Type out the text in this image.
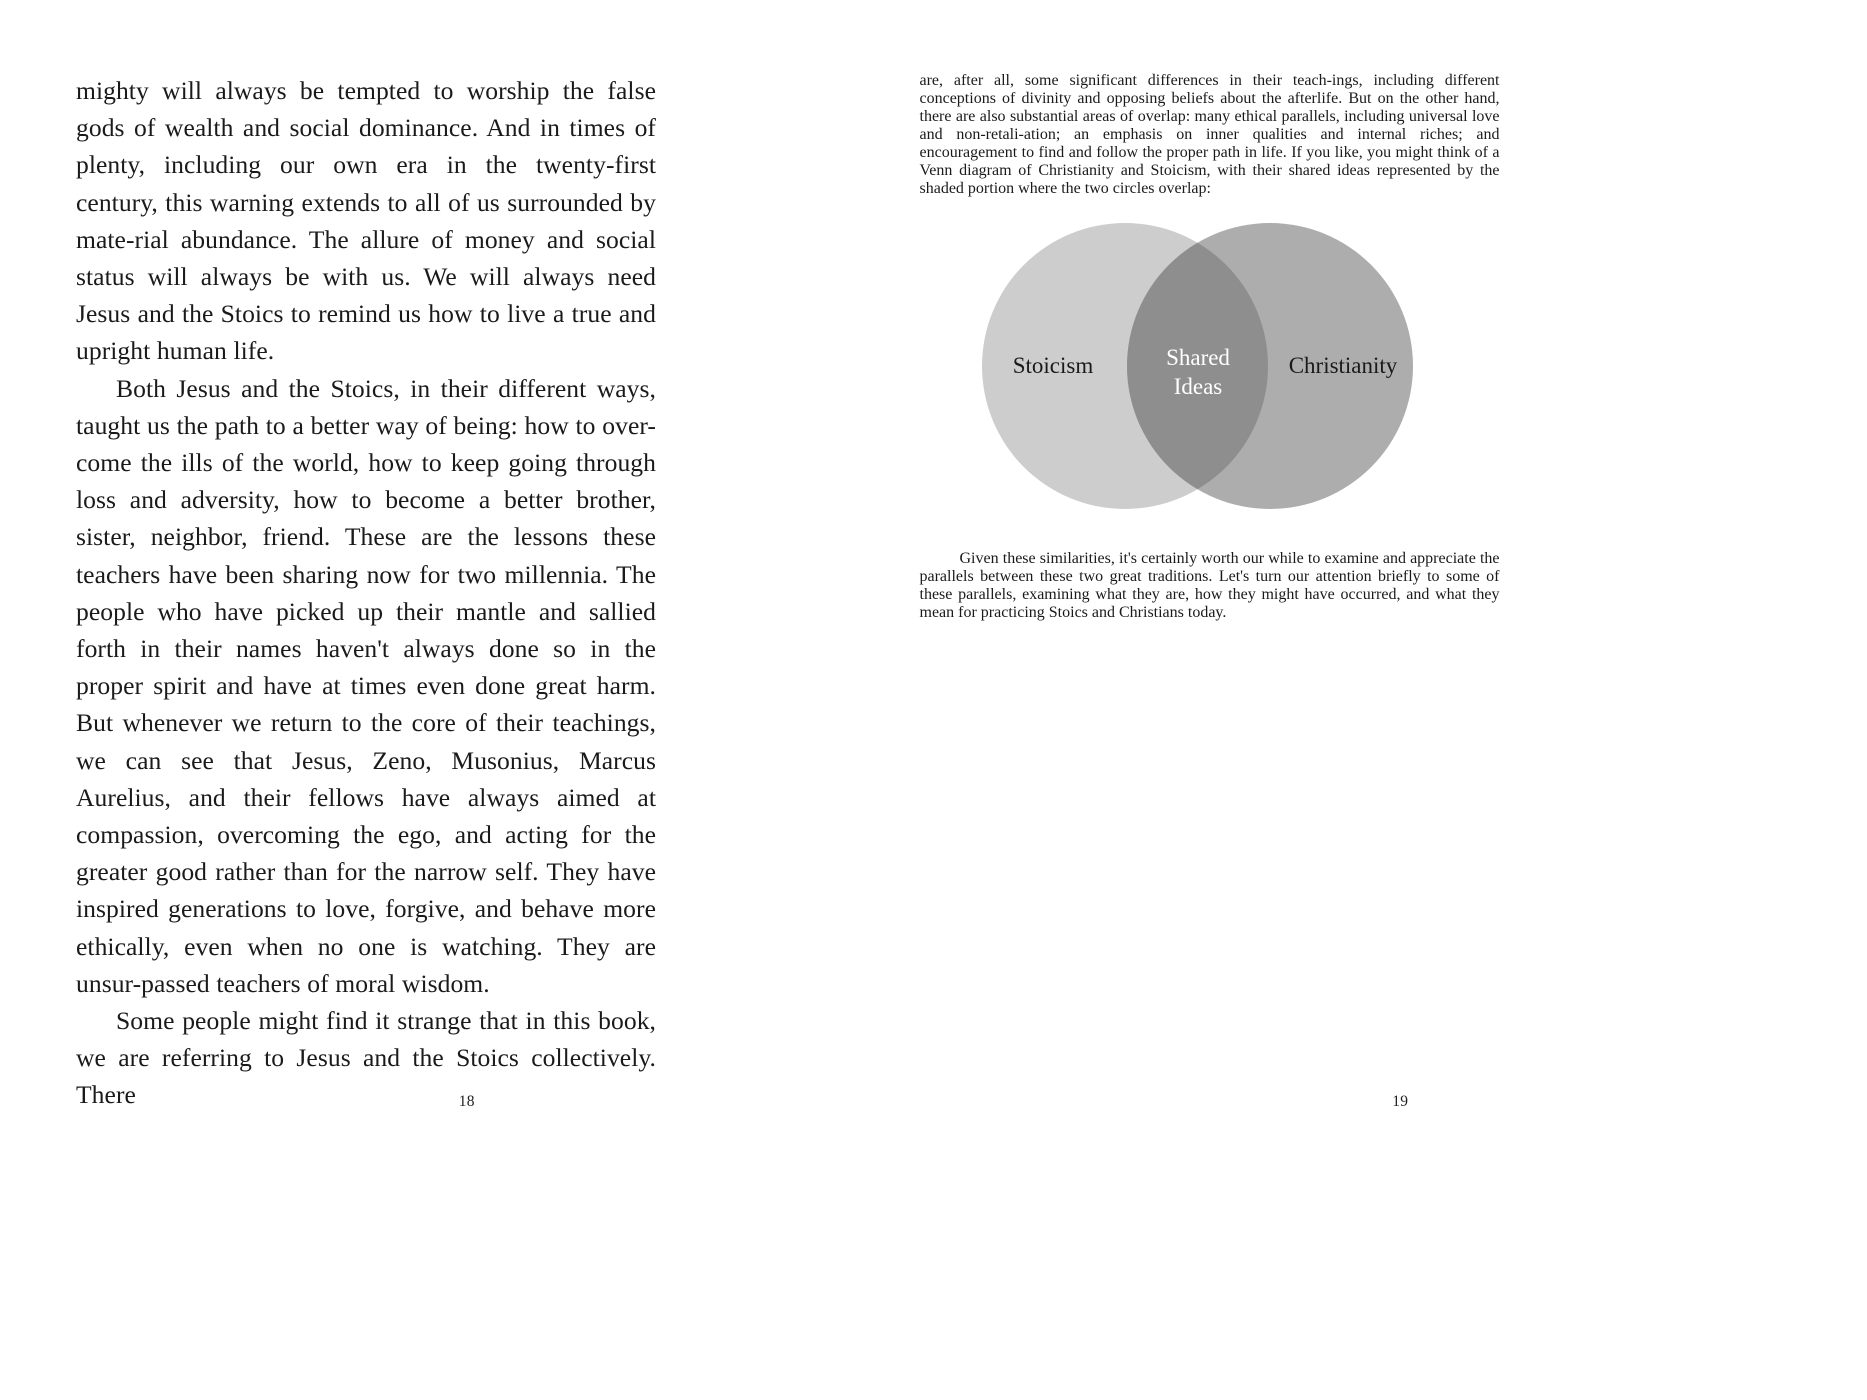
mighty will always be tempted to worship the false gods of wealth and social dominance. And in times of plenty, including our own era in the twenty-first century, this warning extends to all of us surrounded by mate-rial abundance. The allure of money and social status will always be with us. We will always need Jesus and the Stoics to remind us how to live a true and upright human life.

Both Jesus and the Stoics, in their different ways, taught us the path to a better way of being: how to over-come the ills of the world, how to keep going through loss and adversity, how to become a better brother, sister, neighbor, friend. These are the lessons these teachers have been sharing now for two millennia. The people who have picked up their mantle and sallied forth in their names haven't always done so in the proper spirit and have at times even done great harm. But whenever we return to the core of their teachings, we can see that Jesus, Zeno, Musonius, Marcus Aurelius, and their fellows have always aimed at compassion, overcoming the ego, and acting for the greater good rather than for the narrow self. They have inspired generations to love, forgive, and behave more ethically, even when no one is watching. They are unsur-passed teachers of moral wisdom.

Some people might find it strange that in this book, we are referring to Jesus and the Stoics collectively. There	18

are, after all, some significant differences in their teach-ings, including different conceptions of divinity and opposing beliefs about the afterlife. But on the other hand, there are also substantial areas of overlap: many ethical parallels, including universal love and non-retali-ation; an emphasis on inner qualities and internal riches; and encouragement to find and follow the proper path in life. If you like, you might think of a Venn diagram of Christianity and Stoicism, with their shared ideas represented by the shaded portion where the two circles overlap:

Stoicism	Christianity
Shared
Ideas

Given these similarities, it's certainly worth our while to examine and appreciate the parallels between these two great traditions. Let's turn our attention briefly to some of these parallels, examining what they are, how they might have occurred, and what they mean for practicing Stoics and Christians today.

19
